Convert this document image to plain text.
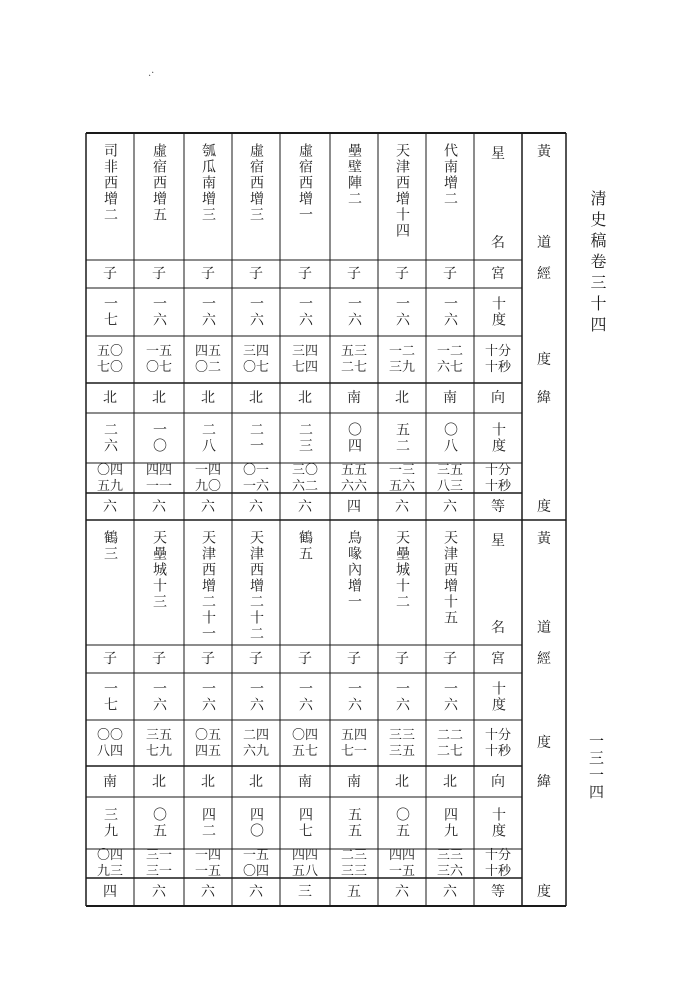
.·
清史稿卷三十四
一三一四
代南增二
子
一六
一二
六七
南
〇八
三五
八三
六
天津西增十四
子
一六
一二
三九
北
五二
一三
五六
六
壘壁陣二
子
一六
五三
二七
南
〇四
五五
六六
四
虛宿西增一
子
一六
三四
七四
北
二三
三〇
六二
六
虛宿西增三
子
一六
三四
〇七
北
二一
〇一
一六
六
瓠瓜南增三
子
一六
四五
〇二
北
二八
一四
九〇
六
虛宿西增五
子
一六
一五
〇七
北
一〇
四四
一一
六
司非西增二
子
一七
五〇
七〇
北
二六
〇四
五九
六
星
名
宮
十度
十分
十秒
向
十度
十分
十秒
等
黃
道
經
度
緯
度
天津西增十五
子
一六
二二
二七
北
四九
三三
三六
六
天壘城十二
子
一六
三三
三五
北
〇五
四四
一五
六
鳥喙內增一
子
一六
五四
七一
南
五五
二三
三三
五
鶴五
子
一六
〇四
五七
南
四七
四四
五八
三
天津西增二十二
子
一六
二四
六九
北
四〇
一五
〇四
六
天津西增二十一
子
一六
〇五
四五
北
四二
一四
一五
六
天壘城十三
子
一六
三五
七九
北
〇五
三一
三一
六
鶴三
子
一七
〇〇
八四
南
三九
〇四
九三
四
星
名
宮
十度
十分
十秒
向
十度
十分
十秒
等
黃
道
經
度
緯
度
